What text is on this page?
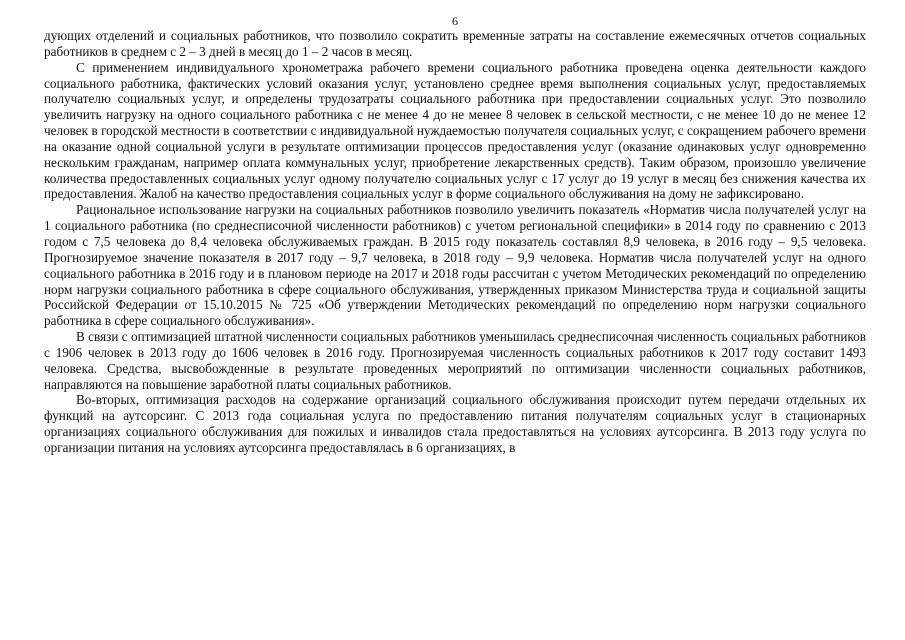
6

дующих отделений и социальных работников, что позволило сократить временные затраты на составление ежемесячных отчетов социальных работников в среднем с 2 – 3 дней в месяц до 1 – 2 часов в месяц.

С применением индивидуального хронометража рабочего времени социального работника проведена оценка деятельности каждого социального работника, фактических условий оказания услуг, установлено среднее время выполнения социальных услуг, предоставляемых получателю социальных услуг, и определены трудозатраты социального работника при предоставлении социальных услуг. Это позволило увеличить нагрузку на одного социального работника с не менее 4 до не менее 8 человек в сельской местности, с не менее 10 до не менее 12 человек в городской местности в соответствии с индивидуальной нуждаемостью получателя социальных услуг, с сокращением рабочего времени на оказание одной социальной услуги в результате оптимизации процессов предоставления услуг (оказание одинаковых услуг одновременно нескольким гражданам, например оплата коммунальных услуг, приобретение лекарственных средств). Таким образом, произошло увеличение количества предоставленных социальных услуг одному получателю социальных услуг с 17 услуг до 19 услуг в месяц без снижения качества их предоставления. Жалоб на качество предоставления социальных услуг в форме социального обслуживания на дому не зафиксировано.

Рациональное использование нагрузки на социальных работников позволило увеличить показатель «Норматив числа получателей услуг на 1 социального работника (по среднесписочной численности работников) с учетом региональной специфики» в 2014 году по сравнению с 2013 годом с 7,5 человека до 8,4 человека обслуживаемых граждан. В 2015 году показатель составлял 8,9 человека, в 2016 году – 9,5 человека. Прогнозируемое значение показателя в 2017 году – 9,7 человека, в 2018 году – 9,9 человека. Норматив числа получателей услуг на одного социального работника в 2016 году и в плановом периоде на 2017 и 2018 годы рассчитан с учетом Методических рекомендаций по определению норм нагрузки социального работника в сфере социального обслуживания, утвержденных приказом Министерства труда и социальной защиты Российской Федерации от 15.10.2015 № 725 «Об утверждении Методических рекомендаций по определению норм нагрузки социального работника в сфере социального обслуживания».

В связи с оптимизацией штатной численности социальных работников уменьшилась среднесписочная численность социальных работников с 1906 человек в 2013 году до 1606 человек в 2016 году. Прогнозируемая численность социальных работников к 2017 году составит 1493 человека. Средства, высвобожденные в результате проведенных мероприятий по оптимизации численности социальных работников, направляются на повышение заработной платы социальных работников.

Во-вторых, оптимизация расходов на содержание организаций социального обслуживания происходит путем передачи отдельных их функций на аутсорсинг. С 2013 года социальная услуга по предоставлению питания получателям социальных услуг в стационарных организациях социального обслуживания для пожилых и инвалидов стала предоставляться на условиях аутсорсинга. В 2013 году услуга по организации питания на условиях аутсорсинга предоставлялась в 6 организациях, в
